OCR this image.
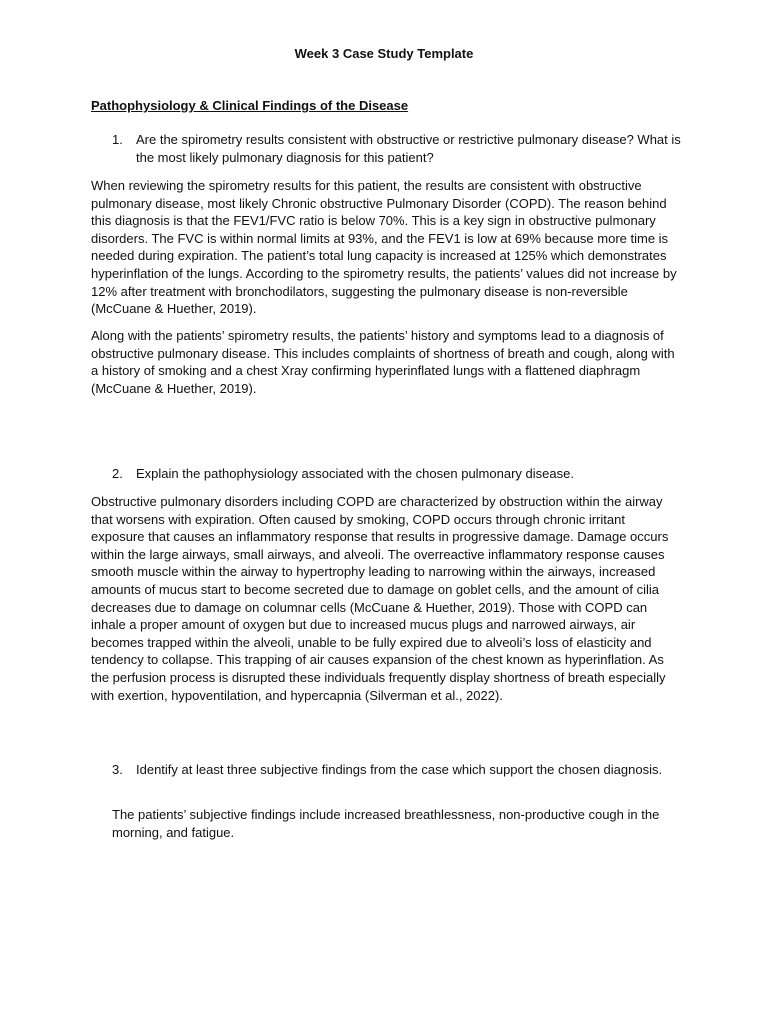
Week 3 Case Study Template
Pathophysiology & Clinical Findings of the Disease
1.	Are the spirometry results consistent with obstructive or restrictive pulmonary disease? What is the most likely pulmonary diagnosis for this patient?

When reviewing the spirometry results for this patient, the results are consistent with obstructive pulmonary disease, most likely Chronic obstructive Pulmonary Disorder (COPD). The reason behind this diagnosis is that the FEV1/FVC ratio is below 70%. This is a key sign in obstructive pulmonary disorders. The FVC is within normal limits at 93%, and the FEV1 is low at 69% because more time is needed during expiration. The patient’s total lung capacity is increased at 125% which demonstrates hyperinflation of the lungs. According to the spirometry results, the patients’ values did not increase by 12% after treatment with bronchodilators, suggesting the pulmonary disease is non-reversible (McCuane & Huether, 2019).

Along with the patients’ spirometry results, the patients’ history and symptoms lead to a diagnosis of obstructive pulmonary disease. This includes complaints of shortness of breath and cough, along with a history of smoking and a chest Xray confirming hyperinflated lungs with a flattened diaphragm (McCuane & Huether, 2019).

2.	Explain the pathophysiology associated with the chosen pulmonary disease.

Obstructive pulmonary disorders including COPD are characterized by obstruction within the airway that worsens with expiration. Often caused by smoking, COPD occurs through chronic irritant exposure that causes an inflammatory response that results in progressive damage. Damage occurs within the large airways, small airways, and alveoli. The overreactive inflammatory response causes smooth muscle within the airway to hypertrophy leading to narrowing within the airways, increased amounts of mucus start to become secreted due to damage on goblet cells, and the amount of cilia decreases due to damage on columnar cells (McCuane & Huether, 2019). Those with COPD can inhale a proper amount of oxygen but due to increased mucus plugs and narrowed airways, air becomes trapped within the alveoli, unable to be fully expired due to alveoli’s loss of elasticity and tendency to collapse. This trapping of air causes expansion of the chest known as hyperinflation. As the perfusion process is disrupted these individuals frequently display shortness of breath especially with exertion, hypoventilation, and hypercapnia (Silverman et al., 2022).

3.	Identify at least three subjective findings from the case which support the chosen diagnosis.

The patients’ subjective findings include increased breathlessness, non-productive cough in the morning, and fatigue.
